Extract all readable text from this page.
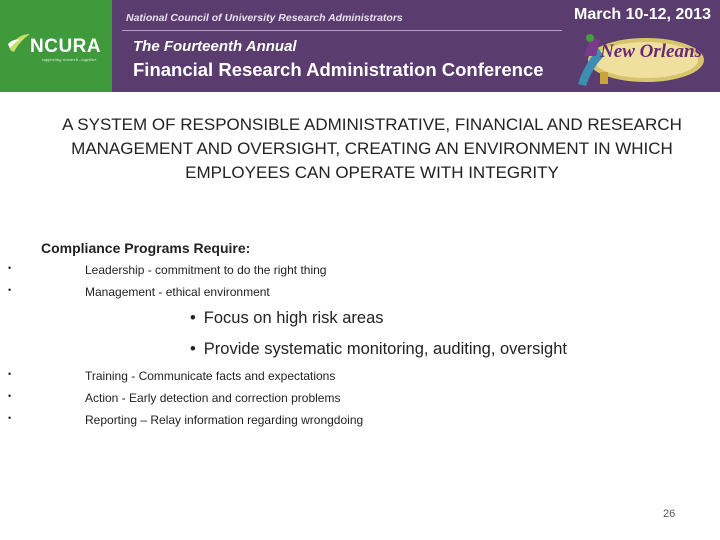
NCURA
supporting research...together
National Council of University Research Administrators
The Fourteenth Annual
Financial Research Administration Conference
March 10-12, 2013
New Orleans
A SYSTEM OF RESPONSIBLE ADMINISTRATIVE, FINANCIAL AND RESEARCH MANAGEMENT AND OVERSIGHT, CREATING AN ENVIRONMENT IN WHICH EMPLOYEES CAN OPERATE WITH INTEGRITY
Compliance Programs Require:
•	Leadership - commitment to do the right thing
•	Management - ethical environment
• Focus on high risk areas
• Provide systematic monitoring, auditing, oversight
•	Training - Communicate facts and expectations
•	Action - Early detection and correction problems
•	Reporting – Relay information regarding wrongdoing
26
